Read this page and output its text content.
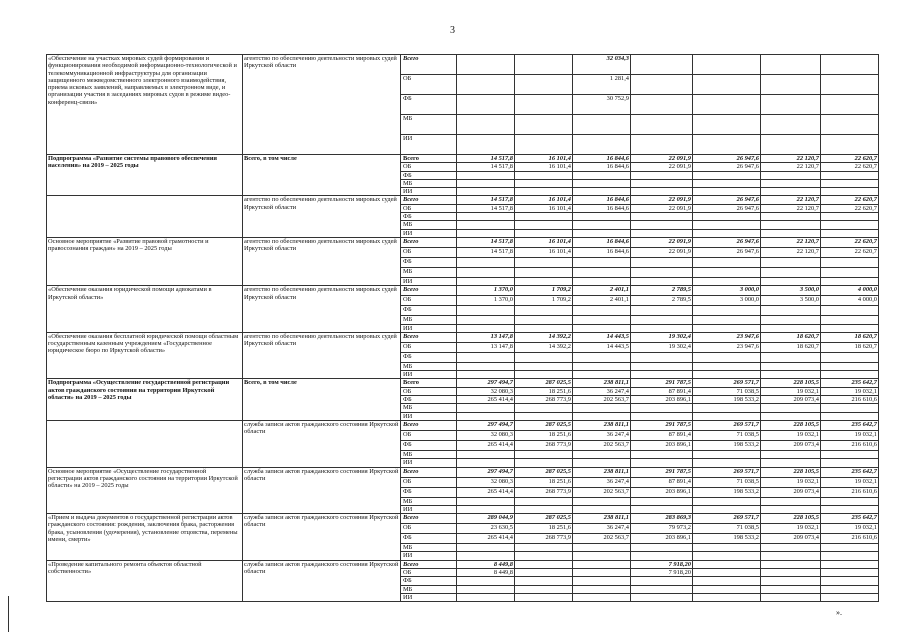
3
«Обеспечение на участках мировых судей формирования и функционирования необходимой информационно-технологической и телекоммуникационной инфраструктуры для организации защищенного межведомственного электронного взаимодействия, приема исковых заявлений, направляемых в электронном виде, и организации участия в заседаниях мировых судов в режиме видео-конференц-связи»	агентство по обеспечению деятельности мировых судей Иркутской области	Всего			32 034,3				
		ОБ			1 281,4				
		ФБ			30 752,9				
		МБ							
		ИИ							
Подпрограмма «Развитие системы правового обеспечения населения» на 2019 – 2025 годы	Всего, в том числе	Всего	14 517,8	16 101,4	16 844,6	22 091,9	26 947,6	22 120,7	22 620,7
		ОБ	14 517,8	16 101,4	16 844,6	22 091,9	26 947,6	22 120,7	22 620,7
		ФБ							
		МБ							
		ИИ							
	агентство по обеспечению деятельности мировых судей Иркутской области	Всего	14 517,8	16 101,4	16 844,6	22 091,9	26 947,6	22 120,7	22 620,7
		ОБ	14 517,8	16 101,4	16 844,6	22 091,9	26 947,6	22 120,7	22 620,7
		ФБ							
		МБ							
		ИИ							
Основное мероприятие «Развитие правовой грамотности и правосознания граждан» на 2019 – 2025 годы	агентство по обеспечению деятельности мировых судей Иркутской области	Всего	14 517,8	16 101,4	16 844,6	22 091,9	26 947,6	22 120,7	22 620,7
		ОБ	14 517,8	16 101,4	16 844,6	22 091,9	26 947,6	22 120,7	22 620,7
		ФБ							
		МБ							
		ИИ							
«Обеспечение оказания юридической помощи адвокатами в Иркутской области»	агентство по обеспечению деятельности мировых судей Иркутской области	Всего	1 370,0	1 709,2	2 401,1	2 789,5	3 000,0	3 500,0	4 000,0
		ОБ	1 370,0	1 709,2	2 401,1	2 789,5	3 000,0	3 500,0	4 000,0
		ФБ							
		МБ							
		ИИ							
«Обеспечение оказания бесплатной юридической помощи областным государственным казенным учреждением «Государственное юридическое бюро по Иркутской области»	агентство по обеспечению деятельности мировых судей Иркутской области	Всего	13 147,8	14 392,2	14 443,5	19 302,4	23 947,6	18 620,7	18 620,7
		ОБ	13 147,8	14 392,2	14 443,5	19 302,4	23 947,6	18 620,7	18 620,7
		ФБ							
		МБ							
		ИИ							
Подпрограмма «Осуществление государственной регистрации актов гражданского состояния на территории Иркутской области» на 2019 – 2025 годы	Всего, в том числе	Всего	297 494,7	287 025,5	238 811,1	291 787,5	269 571,7	228 105,5	235 642,7
		ОБ	32 080,3	18 251,6	36 247,4	87 891,4	71 038,5	19 032,1	19 032,1
		ФБ	265 414,4	268 773,9	202 563,7	203 896,1	198 533,2	209 073,4	216 610,6
		МБ							
		ИИ							
	служба записи актов гражданского состояния Иркутской области	Всего	297 494,7	287 025,5	238 811,1	291 787,5	269 571,7	228 105,5	235 642,7
		ОБ	32 080,3	18 251,6	36 247,4	87 891,4	71 038,5	19 032,1	19 032,1
		ФБ	265 414,4	268 773,9	202 563,7	203 896,1	198 533,2	209 073,4	216 610,6
		МБ							
		ИИ							
Основное мероприятие «Осуществление государственной регистрации актов гражданского состояния на территории Иркутской области» на 2019 – 2025 годы	служба записи актов гражданского состояния Иркутской области	Всего	297 494,7	287 025,5	238 811,1	291 787,5	269 571,7	228 105,5	235 642,7
		ОБ	32 080,3	18 251,6	36 247,4	87 891,4	71 038,5	19 032,1	19 032,1
		ФБ	265 414,4	268 773,9	202 563,7	203 896,1	198 533,2	209 073,4	216 610,6
		МБ							
		ИИ							
«Прием и выдача документов о государственной регистрации актов гражданского состояния: рождения, заключения брака, расторжения брака, усыновления (удочерения), установление отцовства, перемены имени, смерти»	служба записи актов гражданского состояния Иркутской области	Всего	289 044,9	287 025,5	238 811,1	283 869,3	269 571,7	228 105,5	235 642,7
		ОБ	23 630,5	18 251,6	36 247,4	79 973,2	71 038,5	19 032,1	19 032,1
		ФБ	265 414,4	268 773,9	202 563,7	203 896,1	198 533,2	209 073,4	216 610,6
		МБ							
		ИИ							
«Проведение капитального ремонта объектов областной собственности»	служба записи актов гражданского состояния Иркутской области	Всего	8 449,8			7 918,20			
		ОБ	8 449,8			7 918,20			
		ФБ							
		МБ							
		ИИ							
».
